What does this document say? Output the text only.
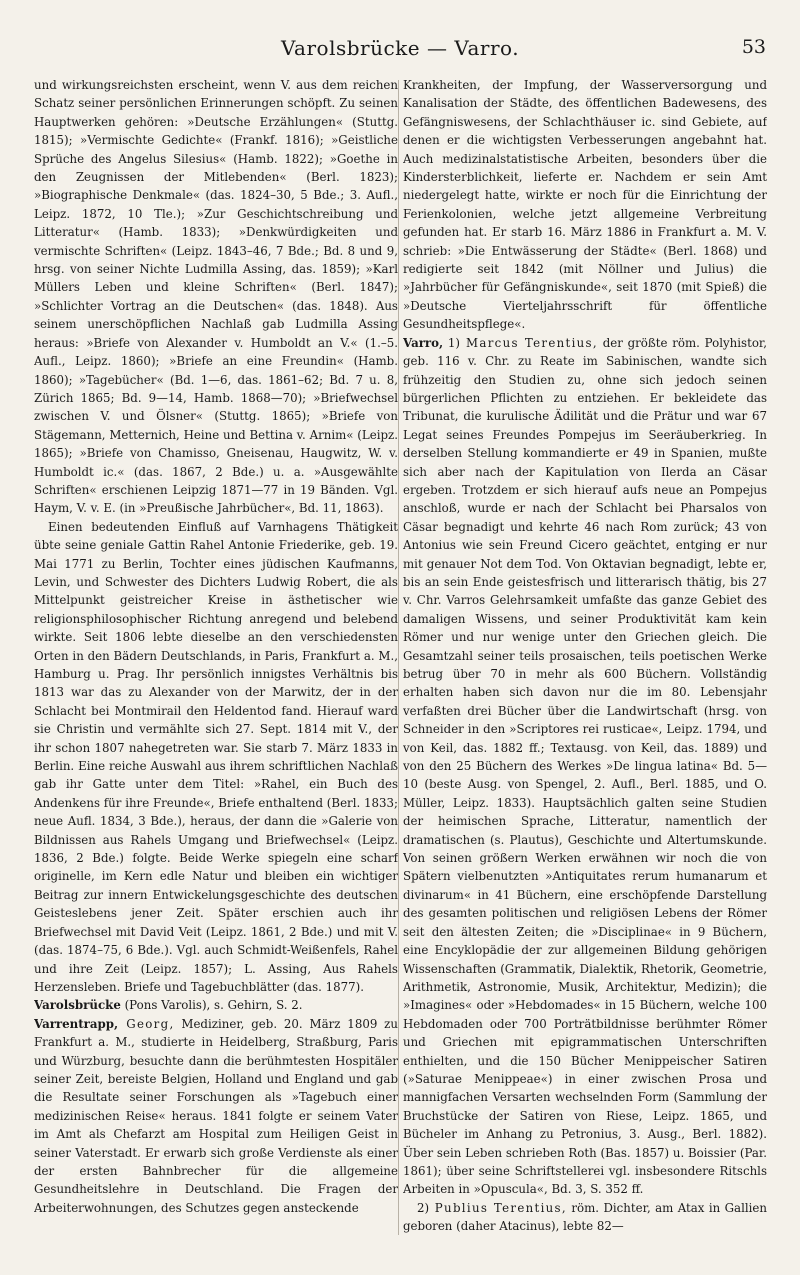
Varolsbrücke — Varro.	53

und wirkungsreichsten erscheint, wenn V. aus dem reichen Schatz seiner persönlichen Erinnerungen schöpft. Zu seinen Hauptwerken gehören: »Deutsche Erzählungen« (Stuttg. 1815); »Vermischte Gedichte« (Frankf. 1816); »Geistliche Sprüche des Angelus Silesius« (Hamb. 1822); »Goethe in den Zeugnissen der Mitlebenden« (Berl. 1823); »Biographische Denkmale« (das. 1824–30, 5 Bde.; 3. Aufl., Leipz. 1872, 10 Tle.); »Zur Geschichtschreibung und Litteratur« (Hamb. 1833); »Denkwürdigkeiten und vermischte Schriften« (Leipz. 1843–46, 7 Bde.; Bd. 8 und 9, hrsg. von seiner Nichte Ludmilla Assing, das. 1859); »Karl Müllers Leben und kleine Schriften« (Berl. 1847); »Schlichter Vortrag an die Deutschen« (das. 1848). Aus seinem unerschöpflichen Nachlaß gab Ludmilla Assing heraus: »Briefe von Alexander v. Humboldt an V.« (1.–5. Aufl., Leipz. 1860); »Briefe an eine Freundin« (Hamb. 1860); »Tagebücher« (Bd. 1—6, das. 1861–62; Bd. 7 u. 8, Zürich 1865; Bd. 9—14, Hamb. 1868—70); »Briefwechsel zwischen V. und Ölsner« (Stuttg. 1865); »Briefe von Stägemann, Metternich, Heine und Bettina v. Arnim« (Leipz. 1865); »Briefe von Chamisso, Gneisenau, Haugwitz, W. v. Humboldt ic.« (das. 1867, 2 Bde.) u. a. »Ausgewählte Schriften« erschienen Leipzig 1871—77 in 19 Bänden. Vgl. Haym, V. v. E. (in »Preußische Jahrbücher«, Bd. 11, 1863).

Einen bedeutenden Einfluß auf Varnhagens Thätigkeit übte seine geniale Gattin Rahel Antonie Friederike, geb. 19. Mai 1771 zu Berlin, Tochter eines jüdischen Kaufmanns, Levin, und Schwester des Dichters Ludwig Robert, die als Mittelpunkt geistreicher Kreise in ästhetischer wie religionsphilosophischer Richtung anregend und belebend wirkte. Seit 1806 lebte dieselbe an den verschiedensten Orten in den Bädern Deutschlands, in Paris, Frankfurt a. M., Hamburg u. Prag. Ihr persönlich innigstes Verhältnis bis 1813 war das zu Alexander von der Marwitz, der in der Schlacht bei Montmirail den Heldentod fand. Hierauf ward sie Christin und vermählte sich 27. Sept. 1814 mit V., der ihr schon 1807 nahegetreten war. Sie starb 7. März 1833 in Berlin. Eine reiche Auswahl aus ihrem schriftlichen Nachlaß gab ihr Gatte unter dem Titel: »Rahel, ein Buch des Andenkens für ihre Freunde«, Briefe enthaltend (Berl. 1833; neue Aufl. 1834, 3 Bde.), heraus, der dann die »Galerie von Bildnissen aus Rahels Umgang und Briefwechsel« (Leipz. 1836, 2 Bde.) folgte. Beide Werke spiegeln eine scharf originelle, im Kern edle Natur und bleiben ein wichtiger Beitrag zur innern Entwickelungsgeschichte des deutschen Geisteslebens jener Zeit. Später erschien auch ihr Briefwechsel mit David Veit (Leipz. 1861, 2 Bde.) und mit V. (das. 1874–75, 6 Bde.). Vgl. auch Schmidt-Weißenfels, Rahel und ihre Zeit (Leipz. 1857); L. Assing, Aus Rahels Herzensleben. Briefe und Tagebuchblätter (das. 1877).

Varolsbrücke (Pons Varolis), s. Gehirn, S. 2.

Varrentrapp, Georg, Mediziner, geb. 20. März 1809 zu Frankfurt a. M., studierte in Heidelberg, Straßburg, Paris und Würzburg, besuchte dann die berühmtesten Hospitäler seiner Zeit, bereiste Belgien, Holland und England und gab die Resultate seiner Forschungen als »Tagebuch einer medizinischen Reise« heraus. 1841 folgte er seinem Vater im Amt als Chefarzt am Hospital zum Heiligen Geist in seiner Vaterstadt. Er erwarb sich große Verdienste als einer der ersten Bahnbrecher für die allgemeine Gesundheitslehre in Deutschland. Die Fragen der Arbeiterwohnungen, des Schutzes gegen ansteckende

Krankheiten, der Impfung, der Wasserversorgung und Kanalisation der Städte, des öffentlichen Badewesens, des Gefängniswesens, der Schlachthäuser ic. sind Gebiete, auf denen er die wichtigsten Verbesserungen angebahnt hat. Auch medizinalstatistische Arbeiten, besonders über die Kindersterblichkeit, lieferte er. Nachdem er sein Amt niedergelegt hatte, wirkte er noch für die Einrichtung der Ferienkolonien, welche jetzt allgemeine Verbreitung gefunden hat. Er starb 16. März 1886 in Frankfurt a. M. V. schrieb: »Die Entwässerung der Städte« (Berl. 1868) und redigierte seit 1842 (mit Nöllner und Julius) die »Jahrbücher für Gefängniskunde«, seit 1870 (mit Spieß) die »Deutsche Vierteljahrsschrift für öffentliche Gesundheitspflege«.

Varro, 1) Marcus Terentius, der größte röm. Polyhistor, geb. 116 v. Chr. zu Reate im Sabinischen, wandte sich frühzeitig den Studien zu, ohne sich jedoch seinen bürgerlichen Pflichten zu entziehen. Er bekleidete das Tribunat, die kurulische Ädilität und die Prätur und war 67 Legat seines Freundes Pompejus im Seeräuberkrieg. In derselben Stellung kommandierte er 49 in Spanien, mußte sich aber nach der Kapitulation von Ilerda an Cäsar ergeben. Trotzdem er sich hierauf aufs neue an Pompejus anschloß, wurde er nach der Schlacht bei Pharsalos von Cäsar begnadigt und kehrte 46 nach Rom zurück; 43 von Antonius wie sein Freund Cicero geächtet, entging er nur mit genauer Not dem Tod. Von Oktavian begnadigt, lebte er, bis an sein Ende geistesfrisch und litterarisch thätig, bis 27 v. Chr. Varros Gelehrsamkeit umfaßte das ganze Gebiet des damaligen Wissens, und seiner Produktivität kam kein Römer und nur wenige unter den Griechen gleich. Die Gesamtzahl seiner teils prosaischen, teils poetischen Werke betrug über 70 in mehr als 600 Büchern. Vollständig erhalten haben sich davon nur die im 80. Lebensjahr verfaßten drei Bücher über die Landwirtschaft (hrsg. von Schneider in den »Scriptores rei rusticae«, Leipz. 1794, und von Keil, das. 1882 ff.; Textausg. von Keil, das. 1889) und von den 25 Büchern des Werkes »De lingua latina« Bd. 5—10 (beste Ausg. von Spengel, 2. Aufl., Berl. 1885, und O. Müller, Leipz. 1833). Hauptsächlich galten seine Studien der heimischen Sprache, Litteratur, namentlich der dramatischen (s. Plautus), Geschichte und Altertumskunde. Von seinen größern Werken erwähnen wir noch die von Spätern vielbenutzten »Antiquitates rerum humanarum et divinarum« in 41 Büchern, eine erschöpfende Darstellung des gesamten politischen und religiösen Lebens der Römer seit den ältesten Zeiten; die »Disciplinae« in 9 Büchern, eine Encyklopädie der zur allgemeinen Bildung gehörigen Wissenschaften (Grammatik, Dialektik, Rhetorik, Geometrie, Arithmetik, Astronomie, Musik, Architektur, Medizin); die »Imagines« oder »Hebdomades« in 15 Büchern, welche 100 Hebdomaden oder 700 Porträtbildnisse berühmter Römer und Griechen mit epigrammatischen Unterschriften enthielten, und die 150 Bücher Menippeischer Satiren (»Saturae Menippeae«) in einer zwischen Prosa und mannigfachen Versarten wechselnden Form (Sammlung der Bruchstücke der Satiren von Riese, Leipz. 1865, und Bücheler im Anhang zu Petronius, 3. Ausg., Berl. 1882). Über sein Leben schrieben Roth (Bas. 1857) u. Boissier (Par. 1861); über seine Schriftstellerei vgl. insbesondere Ritschls Arbeiten in »Opuscula«, Bd. 3, S. 352 ff.

2) Publius Terentius, röm. Dichter, am Atax in Gallien geboren (daher Atacinus), lebte 82—
